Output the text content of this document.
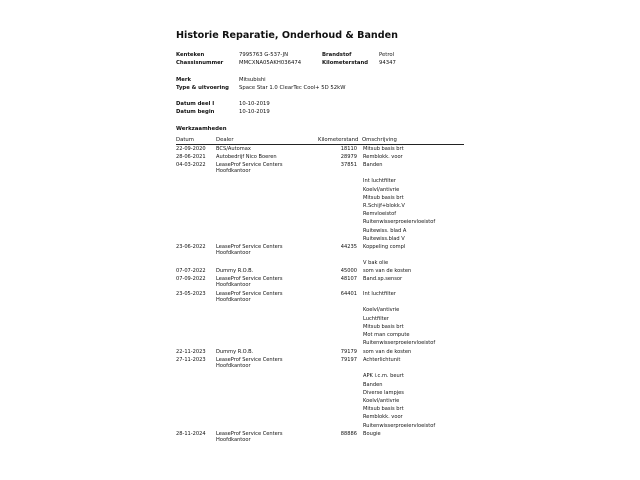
Historie Reparatie, Onderhoud & Banden
Kenteken	7995763 G-537-JN	Brandstof	Petrol
Chassisnummer	MMCXNA05AKH036474	Kilometerstand 94347
Merk	Mitsubishi
Type & uitvoering Space Star 1.0 ClearTec Cool+ 5D 52kW
Datum deel I	10-10-2019
Datum begin	10-10-2019
Werkzaamheden
Datum	Dealer	Kilometerstand Omschrijving
22-09-2020 BCS/Automax	18110 Mitsub basis brt
28-06-2021 Autobedrijf Nico Boeren	28979 Remblokk. voor
04-03-2022 LeaseProf Service Centers
Hoofdkantoor
37851 Banden
Int luchtfilter
Koelvl/antivrie
Mitsub basis brt
R.Schijf+blokk.V
Remvloeistof
Ruitenwisserproeiervloeistof
Ruitewiss. blad A
Ruitewiss.blad V
23-06-2022 LeaseProf Service Centers
Hoofdkantoor
44235 Koppeling compl
V bak olie
07-07-2022 Dummy R.O.B.	45000 som van de kosten
07-09-2022 LeaseProf Service Centers
Hoofdkantoor
48107 Band.sp.sensor
23-05-2023 LeaseProf Service Centers
Hoofdkantoor
64401 Int luchtfilter
Koelvl/antivrie
Luchtfilter
Mitsub basis brt
Mot man compute
Ruitenwisserproeiervloeistof
22-11-2023 Dummy R.O.B.	79179 som van de kosten
27-11-2023 LeaseProf Service Centers
Hoofdkantoor
79197 Achterlichtunit
APK i.c.m. beurt
Banden
Diverse lampjes
Koelvl/antivrie
Mitsub basis brt
Remblokk. voor
Ruitenwisserproeiervloeistof
28-11-2024 LeaseProf Service Centers
Hoofdkantoor
88886 Bougie
